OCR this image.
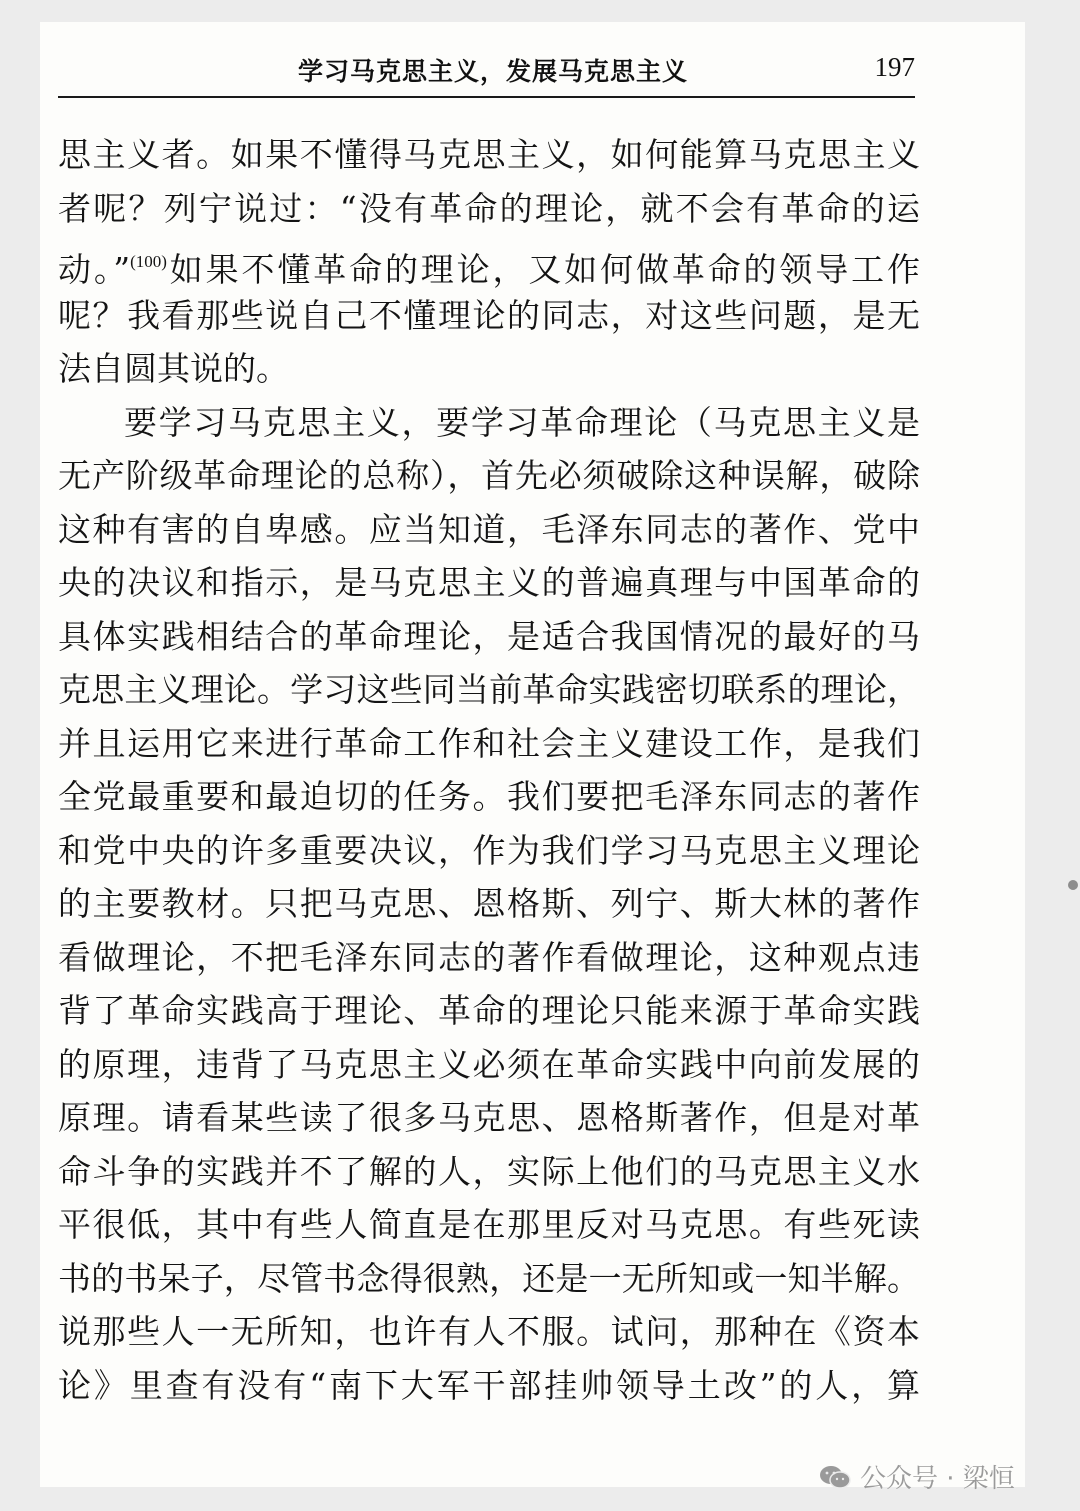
学习马克思主义，发展马克思主义	197
思主义者。如果不懂得马克思主义，如何能算马克思主义
者呢？列宁说过：“没有革命的理论，就不会有革命的运
动。”$^{(100)}$如果不懂革命的理论，又如何做革命的领导工作
呢？我看那些说自己不懂理论的同志，对这些问题，是无
法自圆其说的。
要学习马克思主义，要学习革命理论（马克思主义是
无产阶级革命理论的总称），首先必须破除这种误解，破除
这种有害的自卑感。应当知道，毛泽东同志的著作、党中
央的决议和指示，是马克思主义的普遍真理与中国革命的
具体实践相结合的革命理论，是适合我国情况的最好的马
克思主义理论。学习这些同当前革命实践密切联系的理论，
并且运用它来进行革命工作和社会主义建设工作，是我们
全党最重要和最迫切的任务。我们要把毛泽东同志的著作
和党中央的许多重要决议，作为我们学习马克思主义理论
的主要教材。只把马克思、恩格斯、列宁、斯大林的著作
看做理论，不把毛泽东同志的著作看做理论，这种观点违
背了革命实践高于理论、革命的理论只能来源于革命实践
的原理，违背了马克思主义必须在革命实践中向前发展的
原理。请看某些读了很多马克思、恩格斯著作，但是对革
命斗争的实践并不了解的人，实际上他们的马克思主义水
平很低，其中有些人简直是在那里反对马克思。有些死读
书的书呆子，尽管书念得很熟，还是一无所知或一知半解。
说那些人一无所知，也许有人不服。试问，那种在《资本
论》里查有没有“南下大军干部挂帅领导土改”的人，算
公众号 · 梁恒
